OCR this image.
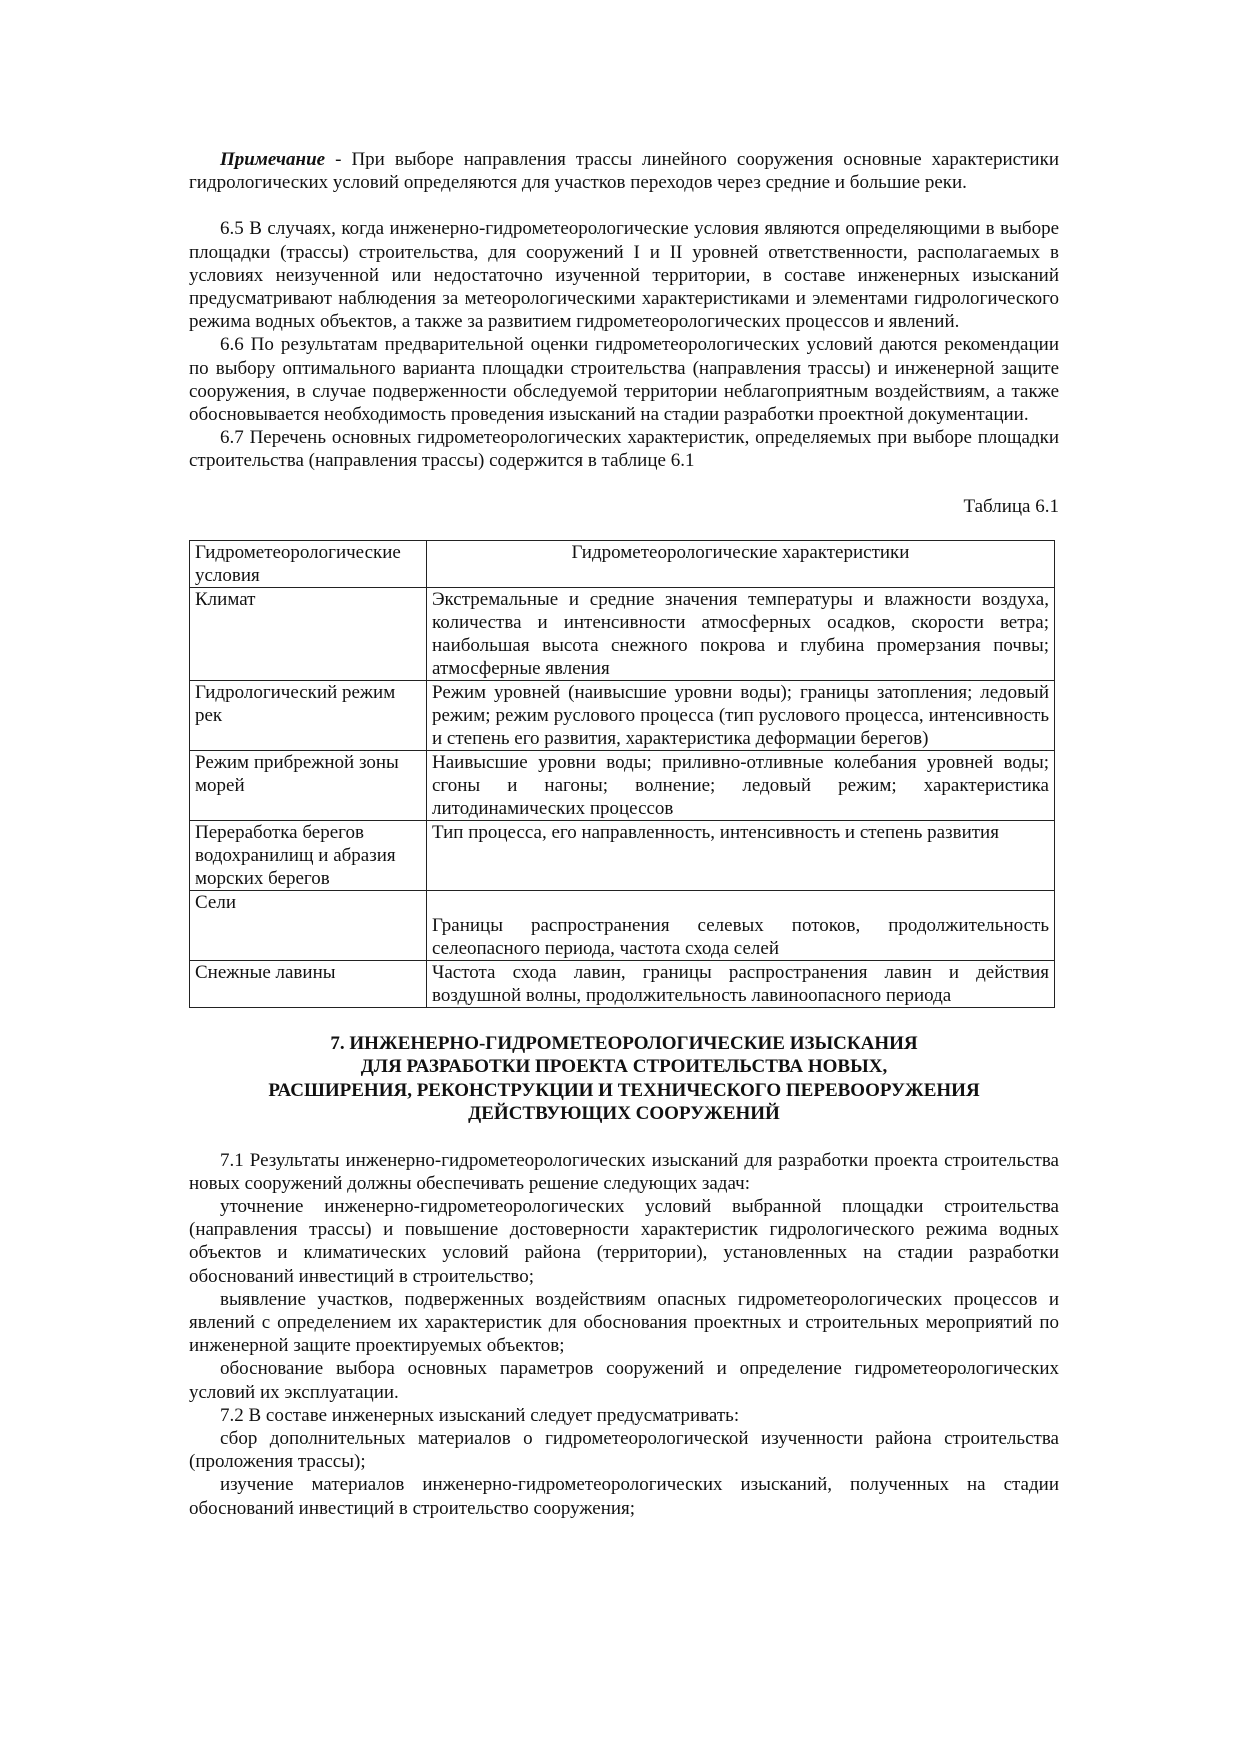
Примечание - При выборе направления трассы линейного сооружения основные характеристики гидрологических условий определяются для участков переходов через средние и большие реки.

6.5 В случаях, когда инженерно-гидрометеорологические условия являются определяющими в выборе площадки (трассы) строительства, для сооружений I и II уровней ответственности, располагаемых в условиях неизученной или недостаточно изученной территории, в составе инженерных изысканий предусматривают наблюдения за метеорологическими характеристиками и элементами гидрологического режима водных объектов, а также за развитием гидрометеорологических процессов и явлений.

6.6 По результатам предварительной оценки гидрометеорологических условий даются рекомендации по выбору оптимального варианта площадки строительства (направления трассы) и инженерной защите сооружения, в случае подверженности обследуемой территории неблагоприятным воздействиям, а также обосновывается необходимость проведения изысканий на стадии разработки проектной документации.

6.7 Перечень основных гидрометеорологических характеристик, определяемых при выборе площадки строительства (направления трассы) содержится в таблице 6.1

Таблица 6.1
Гидрометеорологические условия	Гидрометеорологические характеристики
Климат	Экстремальные и средние значения температуры и влажности воздуха, количества и интенсивности атмосферных осадков, скорости ветра; наибольшая высота снежного покрова и глубина промерзания почвы; атмосферные явления
Гидрологический режим рек	Режим уровней (наивысшие уровни воды); границы затопления; ледовый режим; режим руслового процесса (тип руслового процесса, интенсивность и степень его развития, характеристика деформации берегов)
Режим прибрежной зоны морей	Наивысшие уровни воды; приливно-отливные колебания уровней воды; сгоны и нагоны; волнение; ледовый режим; характеристика литодинамических процессов
Переработка берегов водохранилищ и абразия морских берегов	Тип процесса, его направленность, интенсивность и степень развития
Сели	Границы распространения селевых потоков, продолжительность селеопасного периода, частота схода селей
Снежные лавины	Частота схода лавин, границы распространения лавин и действия воздушной волны, продолжительность лавиноопасного периода
7. ИНЖЕНЕРНО-ГИДРОМЕТЕОРОЛОГИЧЕСКИЕ ИЗЫСКАНИЯ
ДЛЯ РАЗРАБОТКИ ПРОЕКТА СТРОИТЕЛЬСТВА НОВЫХ,
РАСШИРЕНИЯ, РЕКОНСТРУКЦИИ И ТЕХНИЧЕСКОГО ПЕРЕВООРУЖЕНИЯ
ДЕЙСТВУЮЩИХ СООРУЖЕНИЙ

7.1 Результаты инженерно-гидрометеорологических изысканий для разработки проекта строительства новых сооружений должны обеспечивать решение следующих задач:

уточнение инженерно-гидрометеорологических условий выбранной площадки строительства (направления трассы) и повышение достоверности характеристик гидрологического режима водных объектов и климатических условий района (территории), установленных на стадии разработки обоснований инвестиций в строительство;

выявление участков, подверженных воздействиям опасных гидрометеорологических процессов и явлений с определением их характеристик для обоснования проектных и строительных мероприятий по инженерной защите проектируемых объектов;

обоснование выбора основных параметров сооружений и определение гидрометеорологических условий их эксплуатации.

7.2 В составе инженерных изысканий следует предусматривать:

сбор дополнительных материалов о гидрометеорологической изученности района строительства (проложения трассы);

изучение материалов инженерно-гидрометеорологических изысканий, полученных на стадии обоснований инвестиций в строительство сооружения;
